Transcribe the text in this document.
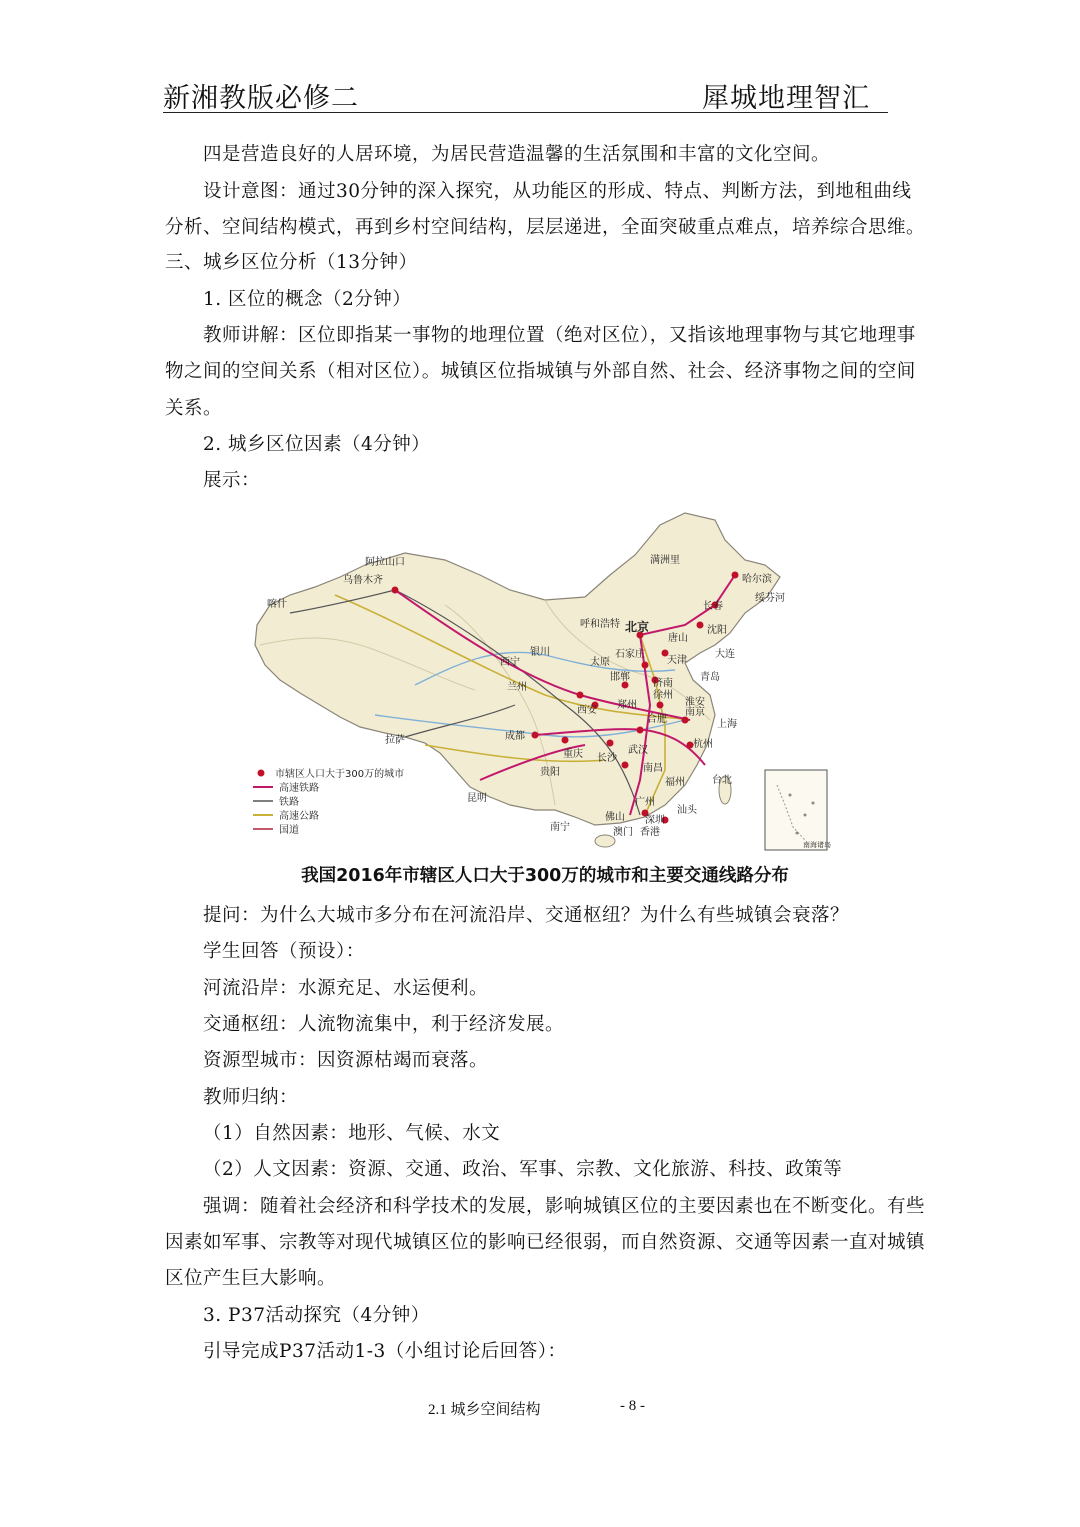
新湘教版必修二	犀城地理智汇
四是营造良好的人居环境，为居民营造温馨的生活氛围和丰富的文化空间。
设计意图：通过30分钟的深入探究，从功能区的形成、特点、判断方法，到地租曲线
分析、空间结构模式，再到乡村空间结构，层层递进，全面突破重点难点，培养综合思维。
三、城乡区位分析（13分钟）
1. 区位的概念（2分钟）
教师讲解：区位即指某一事物的地理位置（绝对区位），又指该地理事物与其它地理事
物之间的空间关系（相对区位）。城镇区位指城镇与外部自然、社会、经济事物之间的空间
关系。
2. 城乡区位因素（4分钟）
展示：
阿拉山口
乌鲁木齐
喀什
拉萨
满洲里
哈尔滨
绥芬河
长春
沈阳
大连
呼和浩特 北京
唐山
天津
石家庄
银川
太原
西宁
兰州
邯郸
济南
青岛
徐州
淮安
郑州
合肥
南京
上海
西安
成都
重庆	武汉
杭州
长沙
南昌
福州	台北
贵阳
昆明
南宁
广州
深圳
佛山
汕头
澳门 香港
市辖区人口大于300万的城市
高速铁路
铁路
高速公路
国道
南海诸岛
我国2016年市辖区人口大于300万的城市和主要交通线路分布
提问：为什么大城市多分布在河流沿岸、交通枢纽？为什么有些城镇会衰落？
学生回答（预设）：
河流沿岸：水源充足、水运便利。
交通枢纽：人流物流集中，利于经济发展。
资源型城市：因资源枯竭而衰落。
教师归纳：
（1）自然因素：地形、气候、水文
（2）人文因素：资源、交通、政治、军事、宗教、文化旅游、科技、政策等
强调：随着社会经济和科学技术的发展，影响城镇区位的主要因素也在不断变化。有些
因素如军事、宗教等对现代城镇区位的影响已经很弱，而自然资源、交通等因素一直对城镇
区位产生巨大影响。
3. P37活动探究（4分钟）
引导完成P37活动1-3（小组讨论后回答）：
2.1 城乡空间结构	- 8 -
